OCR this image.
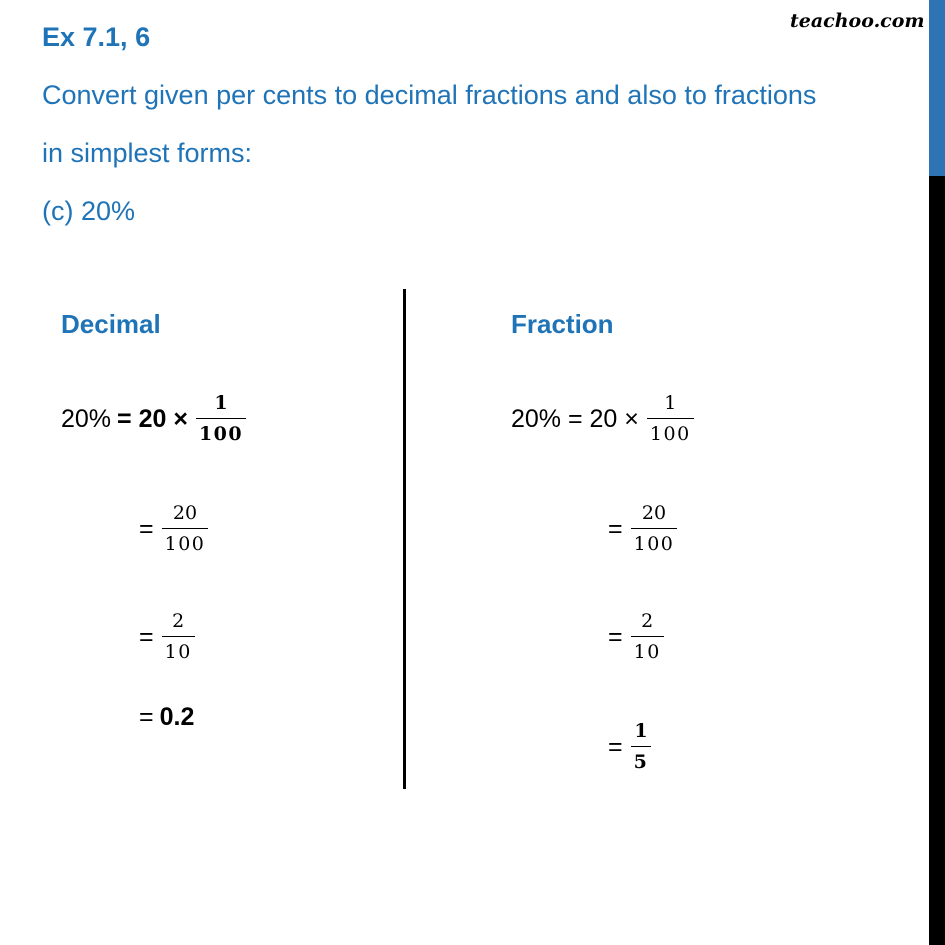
Ex 7.1, 6
teachoo.com
Convert given per cents to decimal fractions and also to fractions
in simplest forms:
(c) 20%
Decimal	Fraction
$20\% = 20 \times \frac{1}{100}$
= $\frac{20}{100}$
= $\frac{2}{10}$
= 0.2
$20\% = 20 \times \frac{1}{100}$
= $\frac{20}{100}$
= $\frac{2}{10}$
= $\frac{1}{5}$
